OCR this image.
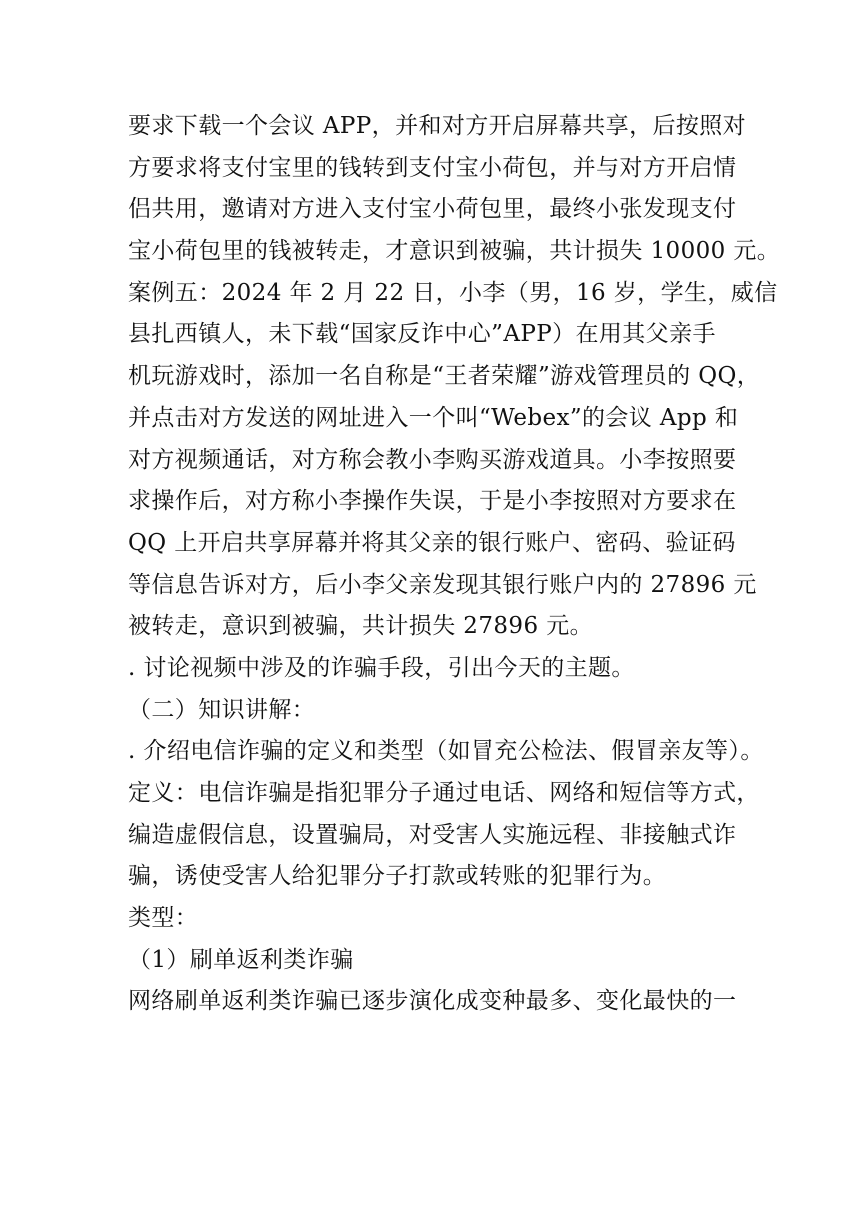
要求下载一个会议 APP，并和对方开启屏幕共享，后按照对
方要求将支付宝里的钱转到支付宝小荷包，并与对方开启情
侣共用，邀请对方进入支付宝小荷包里，最终小张发现支付
宝小荷包里的钱被转走，才意识到被骗，共计损失 10000 元。
案例五：2024 年 2 月 22 日，小李（男，16 岁，学生，威信
县扎西镇人，未下载“国家反诈中心”APP）在用其父亲手
机玩游戏时，添加一名自称是“王者荣耀”游戏管理员的 QQ，
并点击对方发送的网址进入一个叫“Webex”的会议 App 和
对方视频通话，对方称会教小李购买游戏道具。小李按照要
求操作后，对方称小李操作失误，于是小李按照对方要求在
QQ 上开启共享屏幕并将其父亲的银行账户、密码、验证码
等信息告诉对方，后小李父亲发现其银行账户内的 27896 元
被转走，意识到被骗，共计损失 27896 元。
. 讨论视频中涉及的诈骗手段，引出今天的主题。
（二）知识讲解：
. 介绍电信诈骗的定义和类型（如冒充公检法、假冒亲友等）。
定义：电信诈骗是指犯罪分子通过电话、网络和短信等方式，
编造虚假信息，设置骗局，对受害人实施远程、非接触式诈
骗，诱使受害人给犯罪分子打款或转账的犯罪行为。
类型：
（1）刷单返利类诈骗
网络刷单返利类诈骗已逐步演化成变种最多、变化最快的一
